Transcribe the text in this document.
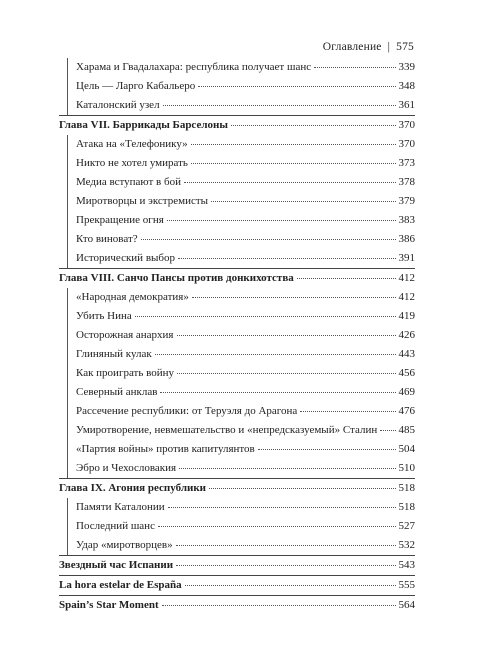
Оглавление | 575
Харама и Гвадалахара: республика получает шанс	339
Цель — Ларго Кабальеро	348
Каталонский узел	361
Глава VII. Баррикады Барселоны	370
Атака на «Телефонику»	370
Никто не хотел умирать	373
Медиа вступают в бой	378
Миротворцы и экстремисты	379
Прекращение огня	383
Кто виноват?	386
Исторический выбор	391
Глава VIII. Санчо Пансы против донкихотства	412
«Народная демократия»	412
Убить Нина	419
Осторожная анархия	426
Глиняный кулак	443
Как проиграть войну	456
Северный анклав	469
Рассечение республики: от Теруэля до Арагона	476
Умиротворение, невмешательство и «непредсказуемый» Сталин 485
«Партия войны» против капитулянтов	504
Эбро и Чехословакия	510
Глава IX. Агония республики	518
Памяти Каталонии	518
Последний шанс	527
Удар «миротворцев»	532
Звездный час Испании	543
La hora estelar de España	555
Spain’s Star Moment	564
